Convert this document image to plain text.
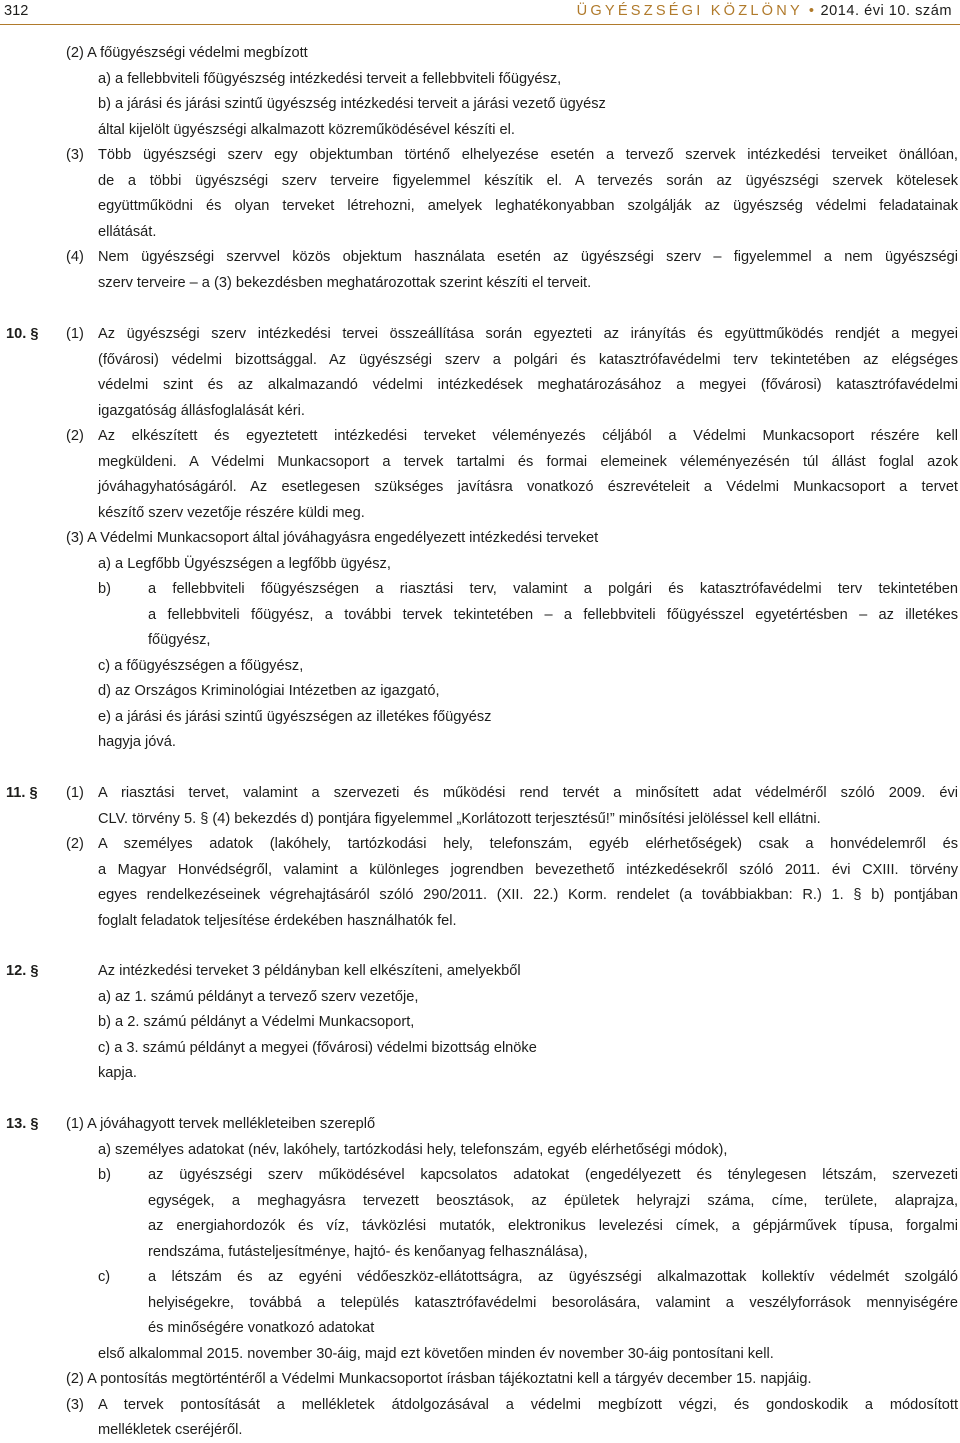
312	ÜGYÉSZSÉGI KÖZLÖNY • 2014. évi 10. szám
(2) A főügyészségi védelmi megbízott
a) a fellebbviteli főügyészség intézkedési terveit a fellebbviteli főügyész,
b) a járási és járási szintű ügyészség intézkedési terveit a járási vezető ügyész
által kijelölt ügyészségi alkalmazott közreműködésével készíti el.
(3) Több ügyészségi szerv egy objektumban történő elhelyezése esetén a tervező szervek intézkedési terveiket önállóan,
de a többi ügyészségi szerv terveire figyelemmel készítik el. A tervezés során az ügyészségi szervek kötelesek
együttműködni és olyan terveket létrehozni, amelyek leghatékonyabban szolgálják az ügyészség védelmi feladatainak
ellátását.
(4) Nem ügyészségi szervvel közös objektum használata esetén az ügyészségi szerv – figyelemmel a nem ügyészségi
szerv terveire – a (3) bekezdésben meghatározottak szerint készíti el terveit.
(1) Az ügyészségi szerv intézkedési tervei összeállítása során egyezteti az irányítás és együttműködés rendjét a megyei
(fővárosi) védelmi bizottsággal. Az ügyészségi szerv a polgári és katasztrófavédelmi terv tekintetében az elégséges
védelmi szint és az alkalmazandó védelmi intézkedések meghatározásához a megyei (fővárosi) katasztrófavédelmi
igazgatóság állásfoglalását kéri.
(2) Az elkészített és egyeztetett intézkedési terveket véleményezés céljából a Védelmi Munkacsoport részére kell
megküldeni. A Védelmi Munkacsoport a tervek tartalmi és formai elemeinek véleményezésén túl állást foglal azok
jóváhagyhatóságáról. Az esetlegesen szükséges javításra vonatkozó észrevételeit a Védelmi Munkacsoport a tervet
készítő szerv vezetője részére küldi meg.
(3) A Védelmi Munkacsoport által jóváhagyásra engedélyezett intézkedési terveket
a) a Legfőbb Ügyészségen a legfőbb ügyész,
b)	a fellebbviteli főügyészségen a riasztási terv, valamint a polgári és katasztrófavédelmi terv tekintetében
a fellebbviteli főügyész, a további tervek tekintetében – a fellebbviteli főügyésszel egyetértésben – az illetékes
főügyész,
c) a főügyészségen a főügyész,
d) az Országos Kriminológiai Intézetben az igazgató,
e) a járási és járási szintű ügyészségen az illetékes főügyész
hagyja jóvá.
(1) A riasztási tervet, valamint a szervezeti és működési rend tervét a minősített adat védelméről szóló 2009. évi
CLV. törvény 5. § (4) bekezdés d) pontjára figyelemmel „Korlátozott terjesztésű!” minősítési jelöléssel kell ellátni.
(2) A személyes adatok (lakóhely, tartózkodási hely, telefonszám, egyéb elérhetőségek) csak a honvédelemről és
a Magyar Honvédségről, valamint a különleges jogrendben bevezethető intézkedésekről szóló 2011. évi CXIII. törvény
egyes rendelkezéseinek végrehajtásáról szóló 290/2011. (XII. 22.) Korm. rendelet (a továbbiakban: R.) 1. § b) pontjában
foglalt feladatok teljesítése érdekében használhatók fel.
Az intézkedési terveket 3 példányban kell elkészíteni, amelyekből
a) az 1. számú példányt a tervező szerv vezetője,
b) a 2. számú példányt a Védelmi Munkacsoport,
c) a 3. számú példányt a megyei (fővárosi) védelmi bizottság elnöke
kapja.
(1) A jóváhagyott tervek mellékleteiben szereplő
a) személyes adatokat (név, lakóhely, tartózkodási hely, telefonszám, egyéb elérhetőségi módok),
b)	az ügyészségi szerv működésével kapcsolatos adatokat (engedélyezett és ténylegesen létszám, szervezeti
egységek, a meghagyásra tervezett beosztások, az épületek helyrajzi száma, címe, területe, alaprajza,
az energiahordozók és víz, távközlési mutatók, elektronikus levelezési címek, a gépjárművek típusa, forgalmi
rendszáma, futásteljesítménye, hajtó- és kenőanyag felhasználása),
c)	a létszám és az egyéni védőeszköz-ellátottságra, az ügyészségi alkalmazottak kollektív védelmét szolgáló
helyiségekre, továbbá a település katasztrófavédelmi besorolására, valamint a veszélyforrások mennyiségére
és minőségére vonatkozó adatokat
első alkalommal 2015. november 30-áig, majd ezt követően minden év november 30-áig pontosítani kell.
(2) A pontosítás megtörténtéről a Védelmi Munkacsoportot írásban tájékoztatni kell a tárgyév december 15. napjáig.
(3) A tervek pontosítását a mellékletek átdolgozásával a védelmi megbízott végzi, és gondoskodik a módosított
mellékletek cseréjéről.
10. §
11. §
12. §
13. §
